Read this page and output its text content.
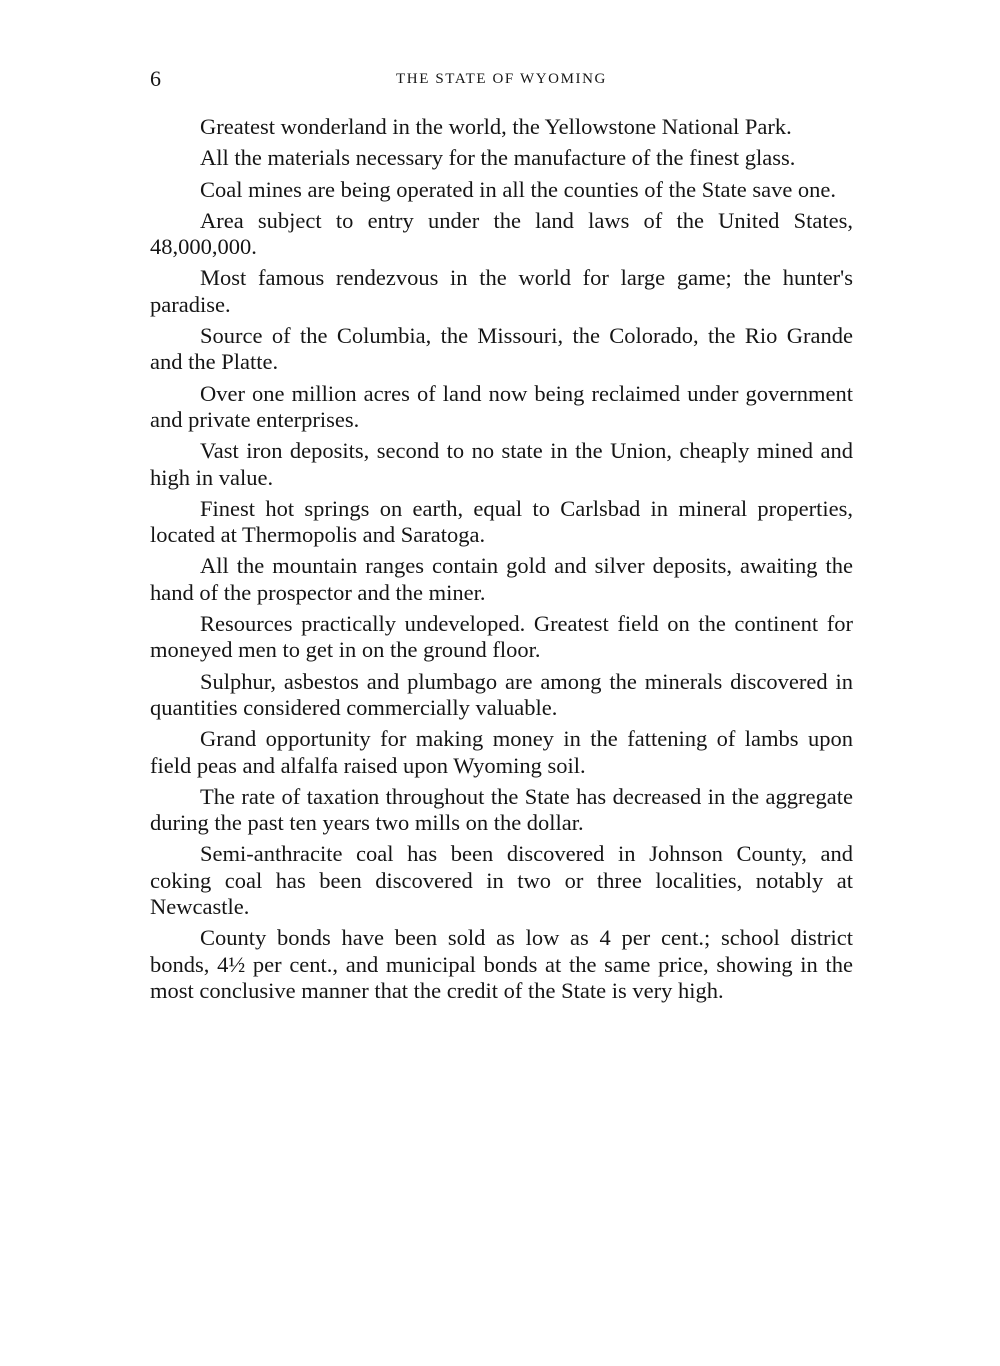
6	THE STATE OF WYOMING

Greatest wonderland in the world, the Yellowstone National Park.

All the materials necessary for the manufacture of the finest glass.

Coal mines are being operated in all the counties of the State save one.

Area subject to entry under the land laws of the United States, 48,000,000.

Most famous rendezvous in the world for large game; the hunter's paradise.

Source of the Columbia, the Missouri, the Colorado, the Rio Grande and the Platte.

Over one million acres of land now being reclaimed under government and private enterprises.

Vast iron deposits, second to no state in the Union, cheaply mined and high in value.

Finest hot springs on earth, equal to Carlsbad in mineral properties, located at Thermopolis and Saratoga.

All the mountain ranges contain gold and silver deposits, awaiting the hand of the prospector and the miner.

Resources practically undeveloped. Greatest field on the continent for moneyed men to get in on the ground floor.

Sulphur, asbestos and plumbago are among the minerals discovered in quantities considered commercially valuable.

Grand opportunity for making money in the fattening of lambs upon field peas and alfalfa raised upon Wyoming soil.

The rate of taxation throughout the State has decreased in the aggregate during the past ten years two mills on the dollar.

Semi-anthracite coal has been discovered in Johnson County, and coking coal has been discovered in two or three localities, notably at Newcastle.

County bonds have been sold as low as 4 per cent.; school district bonds, 4½ per cent., and municipal bonds at the same price, showing in the most conclusive manner that the credit of the State is very high.
